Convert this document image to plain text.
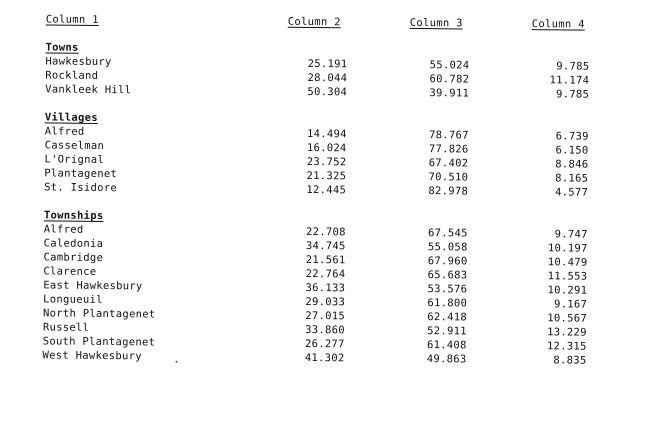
Column 1	Column 2	Column 3	Column 4
Towns
Hawkesbury	25.191	55.024	9.785
Rockland	28.044	60.782	11.174
Vankleek Hill	50.304	39.911	9.785
Villages
Alfred	14.494	78.767	6.739
Casselman	16.024	77.826	6.150
L'Orignal	23.752	67.402	8.846
Plantagenet	21.325	70.510	8.165
St. Isidore	12.445	82.978	4.577
Townships
Alfred	22.708	67.545	9.747
Caledonia	34.745	55.058	10.197
Cambridge	21.561	67.960	10.479
Clarence	22.764	65.683	11.553
East Hawkesbury	36.133	53.576	10.291
Longueuil	29.033	61.800	9.167
North Plantagenet	27.015	62.418	10.567
Russell	33.860	52.911	13.229
South Plantagenet	26.277	61.408	12.315
West Hawkesbury	41.302	49.863	8.835
